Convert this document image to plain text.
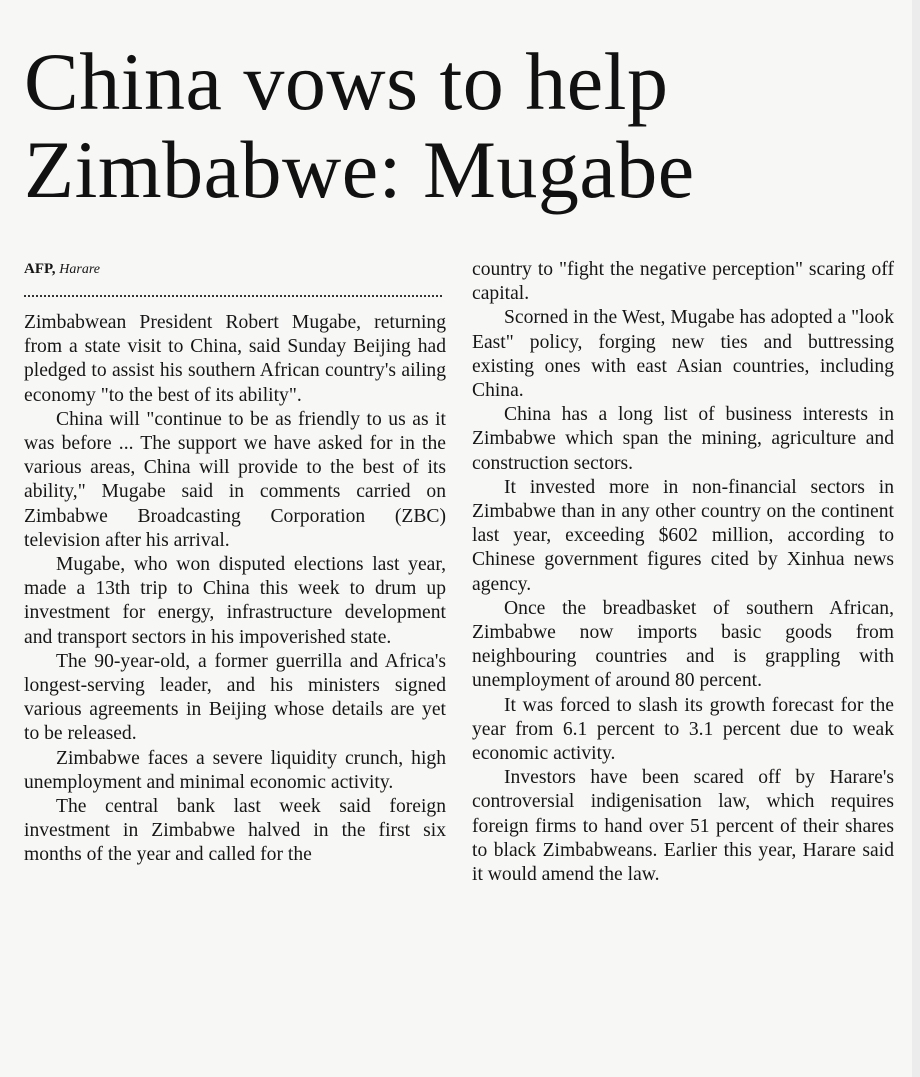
China vows to help
Zimbabwe: Mugabe

AFP, Harare

Zimbabwean President Robert Mugabe, returning from a state visit to China, said Sunday Beijing had pledged to assist his southern African country's ailing economy "to the best of its ability".

China will "continue to be as friendly to us as it was before ... The support we have asked for in the various areas, China will provide to the best of its ability," Mugabe said in comments carried on Zimbabwe Broadcasting Corporation (ZBC) television after his arrival.

Mugabe, who won disputed elections last year, made a 13th trip to China this week to drum up investment for energy, infrastructure development and transport sectors in his impoverished state.

The 90-year-old, a former guerrilla and Africa's longest-serving leader, and his ministers signed various agreements in Beijing whose details are yet to be released.

Zimbabwe faces a severe liquidity crunch, high unemployment and minimal economic activity.

The central bank last week said foreign investment in Zimbabwe halved in the first six months of the year and called for the

country to "fight the negative perception" scaring off capital.

Scorned in the West, Mugabe has adopted a "look East" policy, forging new ties and buttressing existing ones with east Asian countries, including China.

China has a long list of business interests in Zimbabwe which span the mining, agriculture and construction sectors.

It invested more in non-financial sectors in Zimbabwe than in any other country on the continent last year, exceeding $602 million, according to Chinese government figures cited by Xinhua news agency.

Once the breadbasket of southern African, Zimbabwe now imports basic goods from neighbouring countries and is grappling with unemployment of around 80 percent.

It was forced to slash its growth forecast for the year from 6.1 percent to 3.1 percent due to weak economic activity.

Investors have been scared off by Harare's controversial indigenisation law, which requires foreign firms to hand over 51 percent of their shares to black Zimbabweans. Earlier this year, Harare said it would amend the law.
